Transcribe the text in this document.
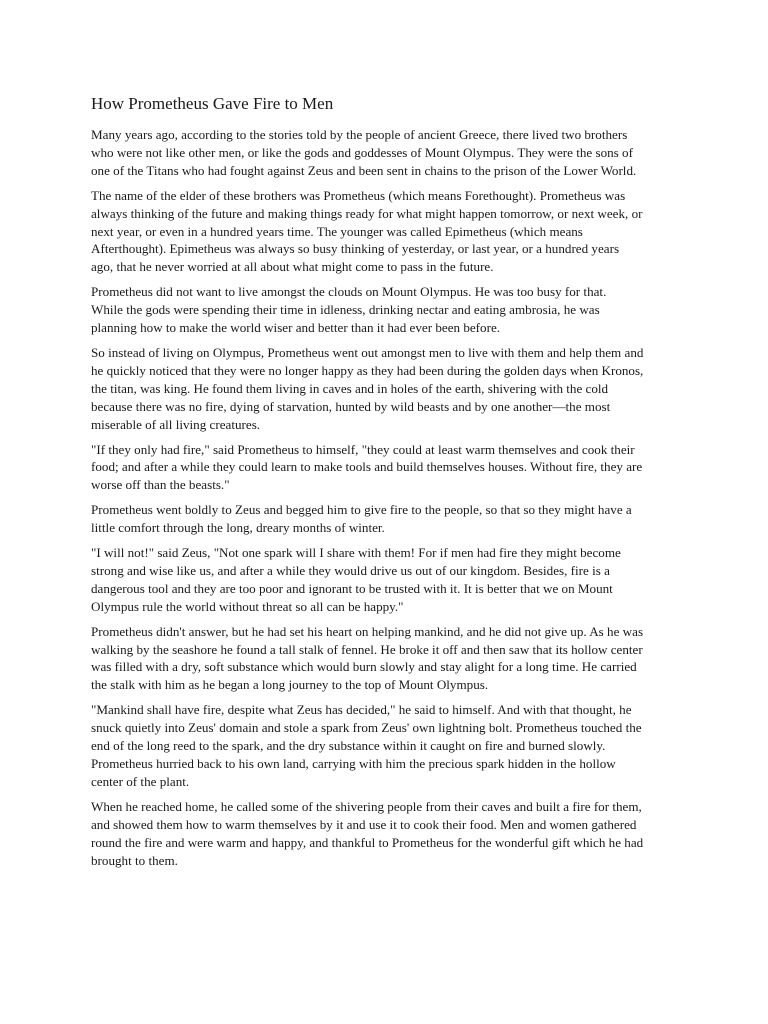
How Prometheus Gave Fire to Men

Many years ago, according to the stories told by the people of ancient Greece, there lived two brothers
who were not like other men, or like the gods and goddesses of Mount Olympus. They were the sons of
one of the Titans who had fought against Zeus and been sent in chains to the prison of the Lower World.

The name of the elder of these brothers was Prometheus (which means Forethought). Prometheus was
always thinking of the future and making things ready for what might happen tomorrow, or next week, or
next year, or even in a hundred years time. The younger was called Epimetheus (which means
Afterthought). Epimetheus was always so busy thinking of yesterday, or last year, or a hundred years
ago, that he never worried at all about what might come to pass in the future.

Prometheus did not want to live amongst the clouds on Mount Olympus. He was too busy for that.
While the gods were spending their time in idleness, drinking nectar and eating ambrosia, he was
planning how to make the world wiser and better than it had ever been before.

So instead of living on Olympus, Prometheus went out amongst men to live with them and help them and
he quickly noticed that they were no longer happy as they had been during the golden days when Kronos,
the titan, was king. He found them living in caves and in holes of the earth, shivering with the cold
because there was no fire, dying of starvation, hunted by wild beasts and by one another—the most
miserable of all living creatures.

"If they only had fire," said Prometheus to himself, "they could at least warm themselves and cook their
food; and after a while they could learn to make tools and build themselves houses. Without fire, they are
worse off than the beasts."

Prometheus went boldly to Zeus and begged him to give fire to the people, so that so they might have a
little comfort through the long, dreary months of winter.

"I will not!" said Zeus, "Not one spark will I share with them! For if men had fire they might become
strong and wise like us, and after a while they would drive us out of our kingdom. Besides, fire is a
dangerous tool and they are too poor and ignorant to be trusted with it. It is better that we on Mount
Olympus rule the world without threat so all can be happy."

Prometheus didn't answer, but he had set his heart on helping mankind, and he did not give up. As he was
walking by the seashore he found a tall stalk of fennel. He broke it off and then saw that its hollow center
was filled with a dry, soft substance which would burn slowly and stay alight for a long time. He carried
the stalk with him as he began a long journey to the top of Mount Olympus.

"Mankind shall have fire, despite what Zeus has decided," he said to himself. And with that thought, he
snuck quietly into Zeus' domain and stole a spark from Zeus' own lightning bolt. Prometheus touched the
end of the long reed to the spark, and the dry substance within it caught on fire and burned slowly.
Prometheus hurried back to his own land, carrying with him the precious spark hidden in the hollow
center of the plant.

When he reached home, he called some of the shivering people from their caves and built a fire for them,
and showed them how to warm themselves by it and use it to cook their food. Men and women gathered
round the fire and were warm and happy, and thankful to Prometheus for the wonderful gift which he had
brought to them.
